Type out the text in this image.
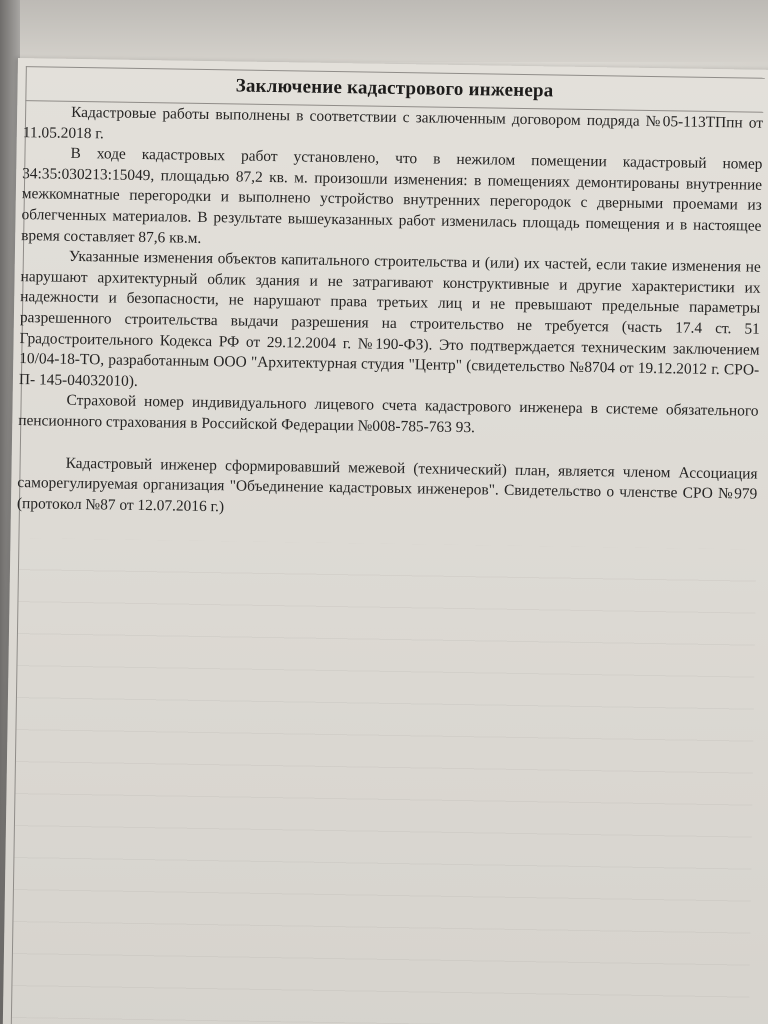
Заключение кадастрового инженера

Кадастровые работы выполнены в соответствии с заключенным договором подряда №05-113ТПпн от 11.05.2018 г.

В ходе кадастровых работ установлено, что в нежилом помещении кадастровый номер 34:35:030213:15049, площадью 87,2 кв. м. произошли изменения: в помещениях демонтированы внутренние межкомнатные перегородки и выполнено устройство внутренних перегородок с дверными проемами из облегченных материалов. В результате вышеуказанных работ изменилась площадь помещения и в настоящее время составляет 87,6 кв.м.

Указанные изменения объектов капитального строительства и (или) их частей, если такие изменения не нарушают архитектурный облик здания и не затрагивают конструктивные и другие характеристики их надежности и безопасности, не нарушают права третьих лиц и не превышают предельные параметры разрешенного строительства выдачи разрешения на строительство не требуется (часть 17.4 ст. 51 Градостроительного Кодекса РФ от 29.12.2004 г. №190-ФЗ). Это подтверждается техническим заключением 10/04-18-ТО, разработанным ООО "Архитектурная студия "Центр" (свидетельство №8704 от 19.12.2012 г. СРО-П- 145-04032010).

Страховой номер индивидуального лицевого счета кадастрового инженера в системе обязательного пенсионного страхования в Российской Федерации №008-785-763 93.

Кадастровый инженер сформировавший межевой (технический) план, является членом Ассоциация саморегулируемая организация "Объединение кадастровых инженеров". Свидетельство о членстве СРО №979 (протокол №87 от 12.07.2016 г.)
